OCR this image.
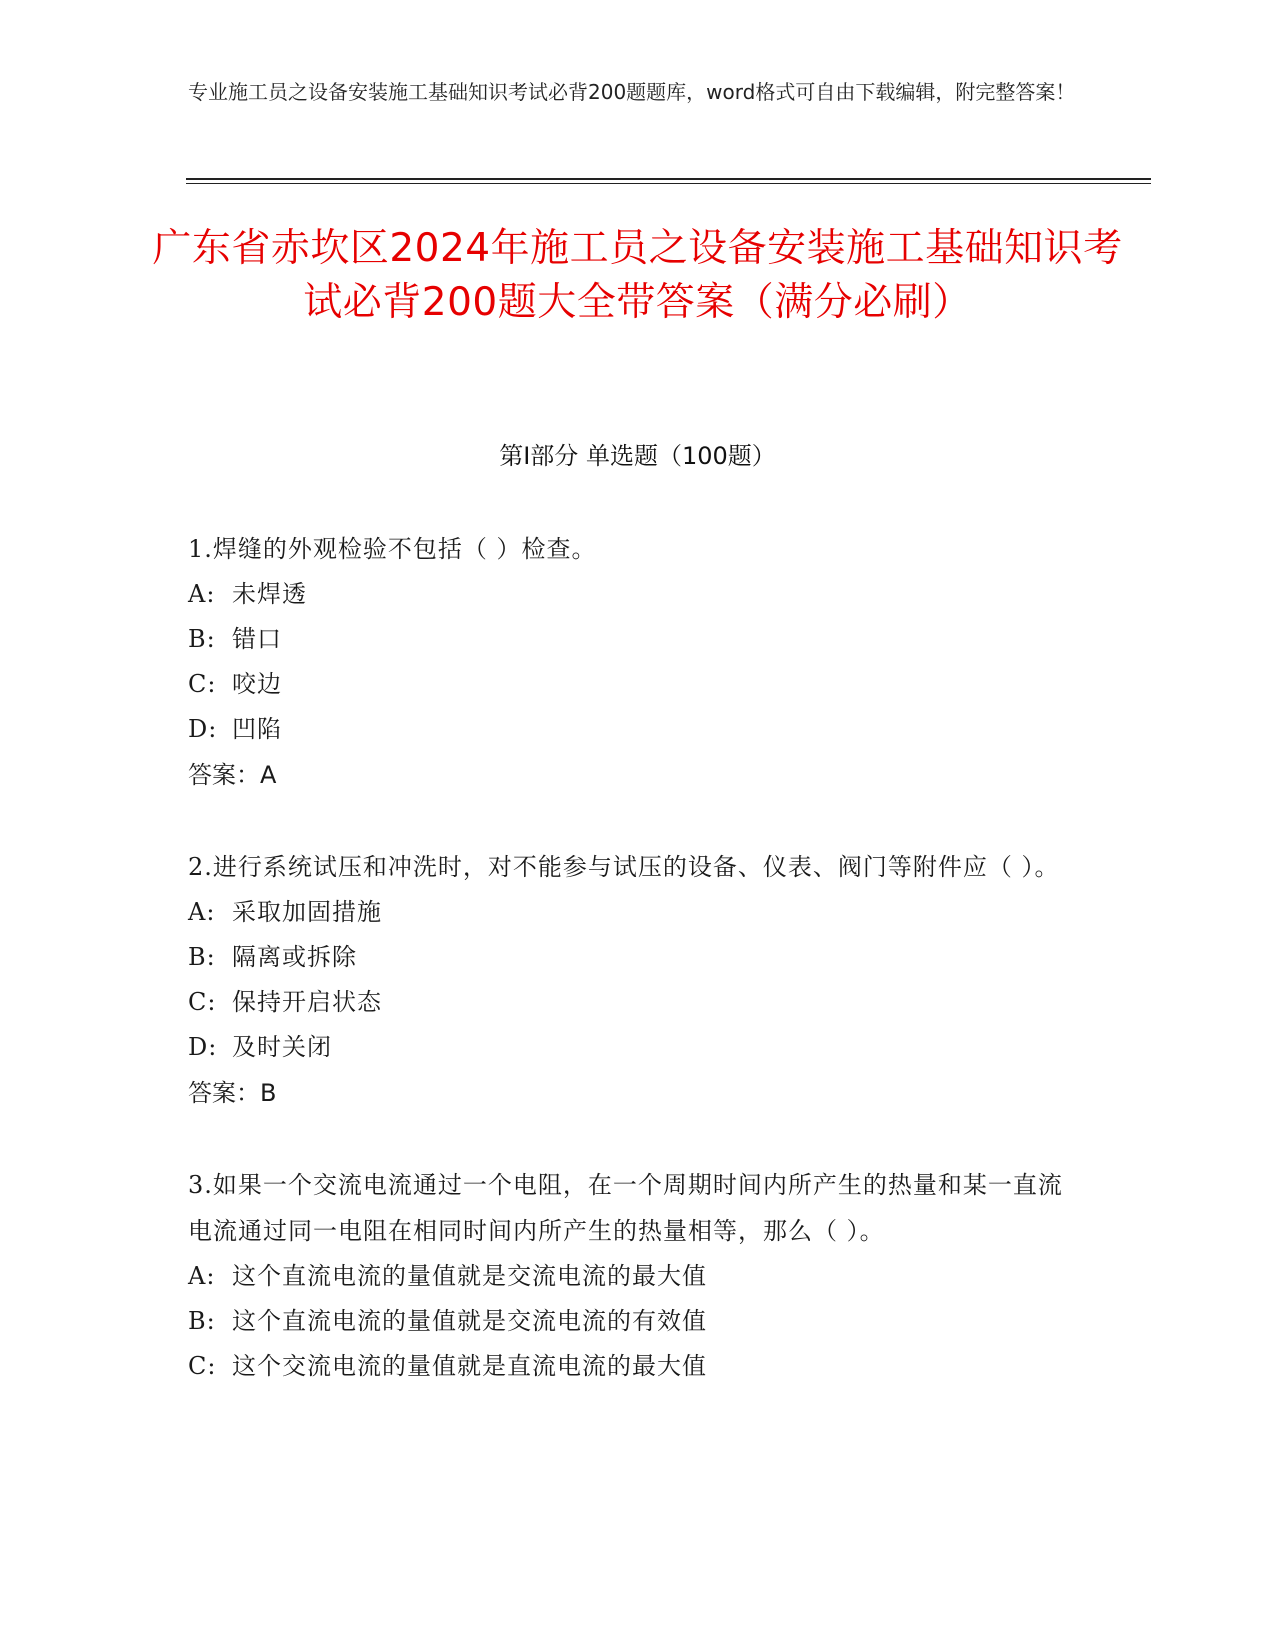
专业施工员之设备安装施工基础知识考试必背200题题库，word格式可自由下载编辑，附完整答案！
广东省赤坎区2024年施工员之设备安装施工基础知识考试必背200题大全带答案（满分必刷）
第I部分 单选题（100题）
1.焊缝的外观检验不包括（ ）检查。
A: 未焊透
B: 错口
C: 咬边
D: 凹陷
答案：A
2.进行系统试压和冲洗时，对不能参与试压的设备、仪表、阀门等附件应（ ）。
A: 采取加固措施
B: 隔离或拆除
C: 保持开启状态
D: 及时关闭
答案：B
3.如果一个交流电流通过一个电阻，在一个周期时间内所产生的热量和某一直流电流通过同一电阻在相同时间内所产生的热量相等，那么（ ）。
A: 这个直流电流的量值就是交流电流的最大值
B: 这个直流电流的量值就是交流电流的有效值
C: 这个交流电流的量值就是直流电流的最大值
